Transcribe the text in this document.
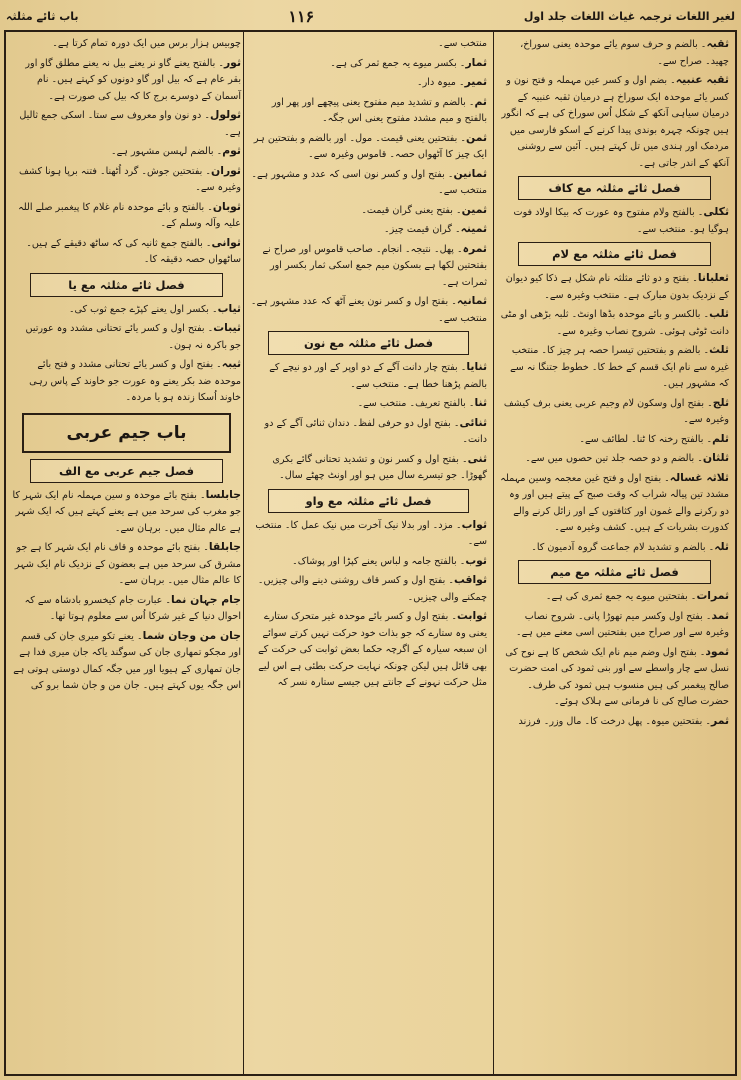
باب ثائے مثلثہ	۱۱۶	لغیر اللغات ترجمہ غیاث اللغات جلد اول

ثقبہ۔ بالضم و حرف سوم یائے موحدہ یعنی سوراخ، چھید۔ صراح سے۔

ثقبہ عنبیہ۔ بضم اول و کسر عین مہملہ و فتح نون و کسر یائے موحدہ ایک سوراخ ہے درمیان ثقبہ عنبیہ کے درمیان سیاہی آنکھ کے شکل اُس سوراخ کی ہے کہ انگور ہیں چونکہ چہرہ بوندی پیدا کرنے کے اسکو فارسی میں مردمک اور ہندی میں تل کہتے ہیں۔ آئین سے روشنی آنکھ کے اندر جاتی ہے۔

فصل ثائے مثلثہ مع کاف

ثکلی۔ بالفتح ولام مفتوح وہ عورت کہ بیکا اولاد فوت ہوگیا ہو۔ منتخب سے۔

فصل ثائے مثلثہ مع لام

ثعلبانا۔ بفتح و دو ثائے مثلثہ نام شکل ہے ذکا کیو دیوان کے نزدیک بدون مبارک ہے۔ منتخب وغیرہ سے۔

ثلب۔ بالکسر و بائے موحدہ بڈھا اونٹ۔ ثلبہ بڑھی او مٹی دانت ٹوٹی ہوئی۔ شروح نصاب وغیرہ سے۔

ثلث۔ بالضم و بفتحتین تیسرا حصہ ہر چیز کا۔ منتخب غیرہ سے نام ایک قسم کے خط کا۔ خطوط جتنگا نہ سے کہ مشہور ہیں۔

ثلج۔ بفتح اول وسکون لام وجیم عربی یعنی برف کیشف وغیرہ سے۔

ثلم۔ بالفتح رخنہ کا ٹنا۔ لطائف سے۔

ثلثان۔ بالضم و دو حصہ جلد تین حصوں میں سے۔

ثلاثہ غسالہ۔ بفتح اول و فتح غین معجمہ وسین مہملہ مشدد تین پیالہ شراب کہ وقت صبح کے پیتے ہیں اور وہ دو رکرنے والے غمون اور کثافتوں کے اور زائل کرنے والے کدورت بشریات کے ہیں۔ کشف وغیرہ سے۔

ثلہ۔ بالضم و تشدید لام جماعت گروہ آدمیون کا۔

فصل ثائے مثلثہ مع میم

ثمرات۔ بفتحتین میوے یہ جمع ثمری کی ہے۔

ثمد۔ بفتح اول وکسر میم تھوڑا پانی۔ شروح نصاب وغیرہ سے اور صراح میں بفتحتین اسی معنے میں ہے۔

ثمود۔ بفتح اول وضم میم نام ایک شخص کا ہے نوح کی نسل سے چار واسطے سے اور بنی ثمود کی امت حضرت صالح پیغمبر کی ہیں منسوب ہیں ثمود کی طرف۔ حضرت صالح کی نا فرمانی سے ہلاک ہوئے۔

ثمر۔ بفتحتین میوہ۔ پھل درخت کا۔ مال وزر۔ فرزند

منتخب سے۔

ثمار۔ بکسر میوے یہ جمع ثمر کی ہے۔

ثمیر۔ میوہ دار۔

ثم۔ بالضم و تشدید میم مفتوح یعنی پیچھے اور پھر اور بالفتح و میم مشدد مفتوح یعنی اس جگہ۔

ثمن۔ بفتحتین یعنی قیمت۔ مول۔ اور بالضم و بفتحتین ہر ایک چیز کا آٹھواں حصہ۔ قاموس وغیرہ سے۔

ثمانین۔ بفتح اول و کسر نون اسی کہ عدد و مشہور ہے۔ منتخب سے۔

ثمین۔ بفتح یعنی گران قیمت۔

ثمینہ۔ گران قیمت چیز۔

ثمرہ۔ پھل۔ نتیجہ۔ انجام۔ صاحب قاموس اور صراح نے بفتحتین لکھا ہے بسکون میم جمع اسکی ثمار بکسر اور ثمرات ہے۔

ثمانیہ۔ بفتح اول و کسر نون یعنے آٹھ کہ عدد مشہور ہے۔ منتخب سے۔

فصل ثائے مثلثہ مع نون

ثنایا۔ بفتح چار دانت آگے کے دو اوپر کے اور دو نیچے کے بالضم پڑھنا خطا ہے۔ منتخب سے۔

ثنا۔ بالفتح تعریف۔ منتخب سے۔

ثنائی۔ بفتح اول دو حرفی لفظ۔ دندان ثنائی آگے کے دو دانت۔

ثنی۔ بفتح اول و کسر نون و تشدید تحتانی گائے بکری گھوڑا۔ جو تیسرے سال میں ہو اور اونٹ چھٹے سال۔

فصل ثائے مثلثہ مع واو

ثواب۔ مزد۔ اور بدلا نیک آخرت میں نیک عمل کا۔ منتخب سے۔

ثوب۔ بالفتح جامہ و لباس یعنے کپڑا اور پوشاک۔

ثواقب۔ بفتح اول و کسر قاف روشنی دینے والی چیزیں۔ چمکنے والی چیزیں۔

ثوابت۔ بفتح اول و کسر بائے موحدہ غیر متحرک ستارے یعنی وہ ستارے کہ جو بذات خود حرکت نہیں کرتے سوائے ان سبعہ سیارہ کے اگرچہ حکما بعض ثوابت کی حرکت کے بھی قائل ہیں لیکن چونکہ نہایت حرکت بطئی ہے اس لیے مثل حرکت نہونے کے جانتے ہیں جیسے ستارہ نسر کہ

چوبیس ہزار برس میں ایک دورہ تمام کرتا ہے۔

ثور۔ بالفتح یعنے گاو نر یعنے بیل نہ یعنے مطلق گاو اور بقر عام ہے کہ بیل اور گاو دونوں کو کہتے ہیں۔ نام آسمان کے دوسرے برج کا کہ بیل کی صورت ہے۔

ثولول۔ دو نون واو معروف سے ستا۔ اسکی جمع ثالیل ہے۔

ثوم۔ بالضم لہسن مشہور ہے۔

ثوران۔ بفتحتین جوش۔ گرد اُٹھنا۔ فتنہ برپا ہونا کشف وغیرہ سے۔

ثوبان۔ بالفتح و بائے موحدہ نام غلام کا پیغمبر صلے اللہ علیہ وآلہ وسلم کے۔

ثوانی۔ بالفتح جمع ثانیہ کی کہ ساٹھ دقیقے کے ہیں۔ ساٹھواں حصہ دقیقہ کا۔

فصل ثائے مثلثہ مع یا

ثیاب۔ بکسر اول یعنے کپڑے جمع ثوب کی۔

ثیبات۔ بفتح اول و کسر یائے تحتانی مشدد وہ عورتیں جو باکرہ نہ ہون۔

ثیبہ۔ بفتح اول و کسر یائے تحتانی مشدد و فتح بائے موحدہ ضد بکر یعنے وہ عورت جو خاوند کے پاس رہی خاوند اُسکا زندہ ہو یا مردہ۔

باب جیم عربی
فصل جیم عربی مع الف

جابلسا۔ بفتح بائے موحدہ و سین مہملہ نام ایک شہر کا جو مغرب کی سرحد میں ہے یعنے کہتے ہیں کہ ایک شہر ہے عالم مثال میں۔ برہان سے۔

جابلقا۔ بفتح بائے موحدہ و قاف نام ایک شہر کا ہے جو مشرق کی سرحد میں ہے بعضون کے نزدیک نام ایک شہر کا عالم مثال میں۔ برہان سے۔

جام جہان نما۔ عبارت جام کیخسرو بادشاہ سے کہ احوال دنیا کے غیر شرکا اُس سے معلوم ہوتا تھا۔

جان من وجان شما۔ یعنے تکو میری جان کی قسم اور مجکو تمھاری جان کی سوگند یاکہ جان میری فدا ہے جان تمھاری کے ہیویا اور میں جگہ کمال دوستی ہوتی ہے اس جگہ یوں کہتے ہیں۔ جان من و جان شما برو کی
